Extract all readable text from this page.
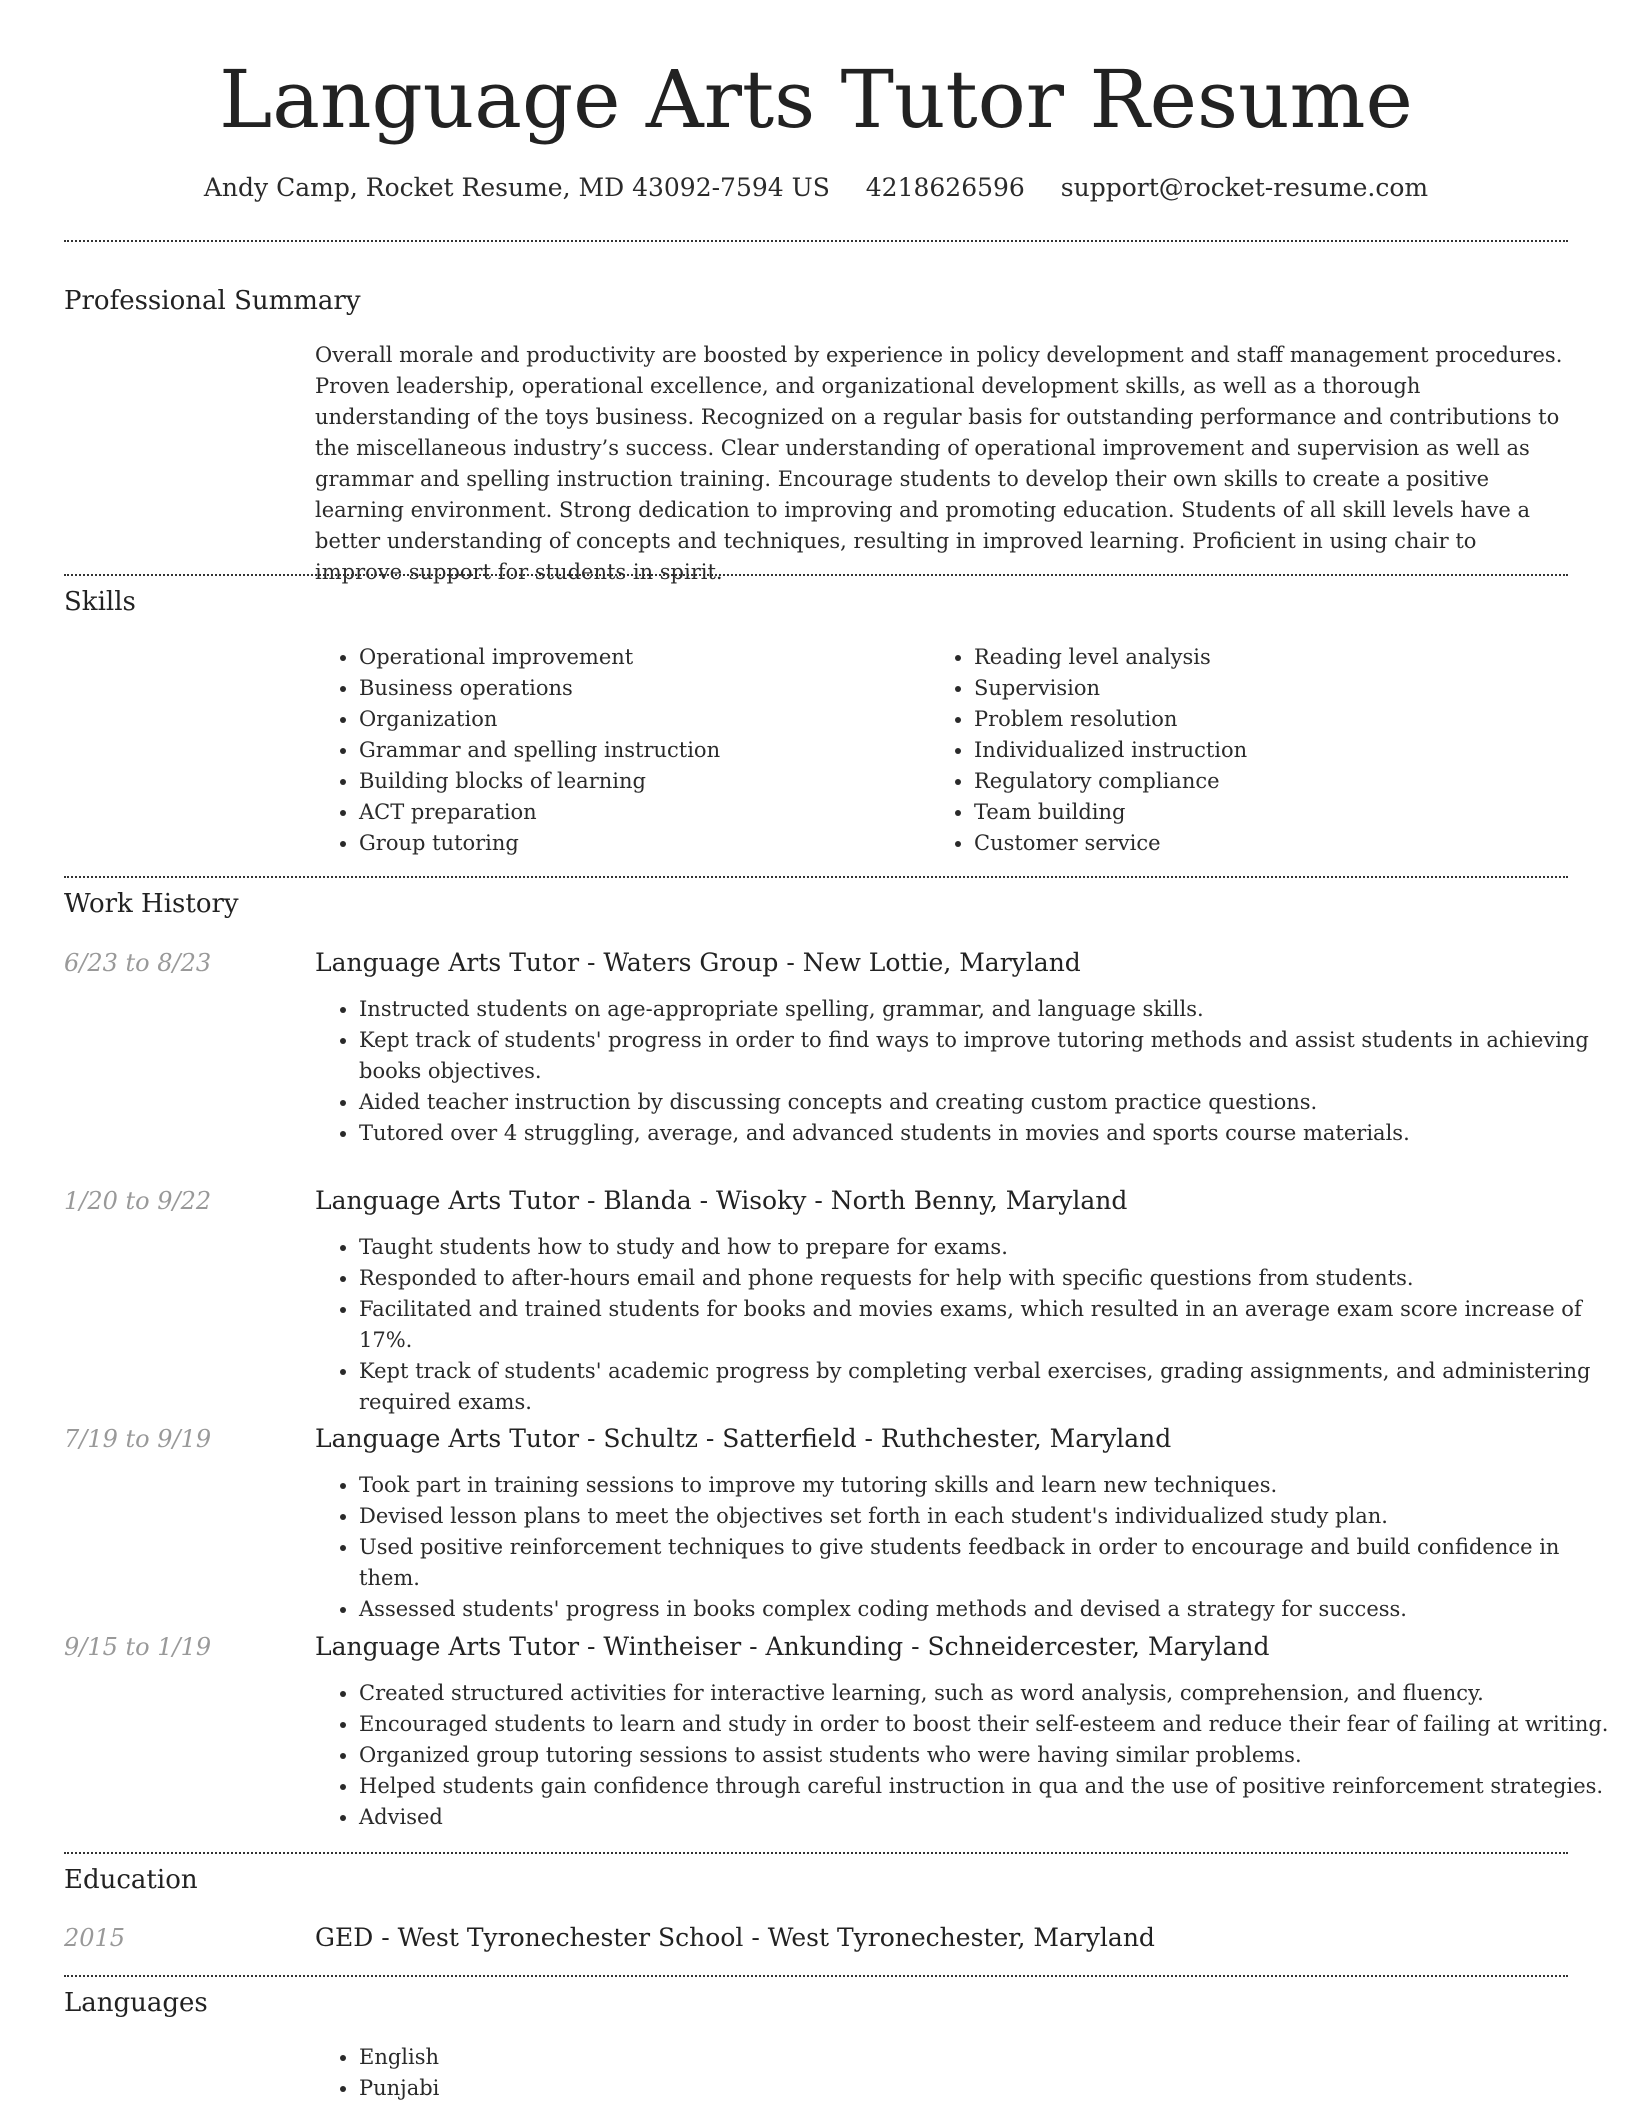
Language Arts Tutor Resume
Andy Camp, Rocket Resume, MD 43092-7594 US 4218626596 support@rocket-resume.com
Professional Summary

Overall morale and productivity are boosted by experience in policy development and staff management procedures. Proven leadership, operational excellence, and organizational development skills, as well as a thorough understanding of the toys business. Recognized on a regular basis for outstanding performance and contributions to the miscellaneous industry’s success. Clear understanding of operational improvement and supervision as well as grammar and spelling instruction training. Encourage students to develop their own skills to create a positive learning environment. Strong dedication to improving and promoting education. Students of all skill levels have a better understanding of concepts and techniques, resulting in improved learning. Proficient in using chair to improve support for students in spirit.

Skills
• Operational improvement
• Business operations
• Organization
• Grammar and spelling instruction
• Building blocks of learning
• ACT preparation
• Group tutoring
• Reading level analysis
• Supervision
• Problem resolution
• Individualized instruction
• Regulatory compliance
• Team building
• Customer service
Work History
6/23 to 8/23	Language Arts Tutor - Waters Group - New Lottie, Maryland
• Instructed students on age-appropriate spelling, grammar, and language skills.
• Kept track of students' progress in order to find ways to improve tutoring methods and assist students in achieving books objectives.
• Aided teacher instruction by discussing concepts and creating custom practice questions.
• Tutored over 4 struggling, average, and advanced students in movies and sports course materials.
1/20 to 9/22	Language Arts Tutor - Blanda - Wisoky - North Benny, Maryland
• Taught students how to study and how to prepare for exams.
• Responded to after-hours email and phone requests for help with specific questions from students.
• Facilitated and trained students for books and movies exams, which resulted in an average exam score increase of 17%.
• Kept track of students' academic progress by completing verbal exercises, grading assignments, and administering required exams.
7/19 to 9/19	Language Arts Tutor - Schultz - Satterfield - Ruthchester, Maryland
• Took part in training sessions to improve my tutoring skills and learn new techniques.
• Devised lesson plans to meet the objectives set forth in each student's individualized study plan.
• Used positive reinforcement techniques to give students feedback in order to encourage and build confidence in them.
• Assessed students' progress in books complex coding methods and devised a strategy for success.
9/15 to 1/19	Language Arts Tutor - Wintheiser - Ankunding - Schneidercester, Maryland
• Created structured activities for interactive learning, such as word analysis, comprehension, and fluency.
• Encouraged students to learn and study in order to boost their self-esteem and reduce their fear of failing at writing.
• Organized group tutoring sessions to assist students who were having similar problems.
• Helped students gain confidence through careful instruction in qua and the use of positive reinforcement strategies.
• Advised
Education
2015	GED - West Tyronechester School - West Tyronechester, Maryland
Languages
• English
• Punjabi
